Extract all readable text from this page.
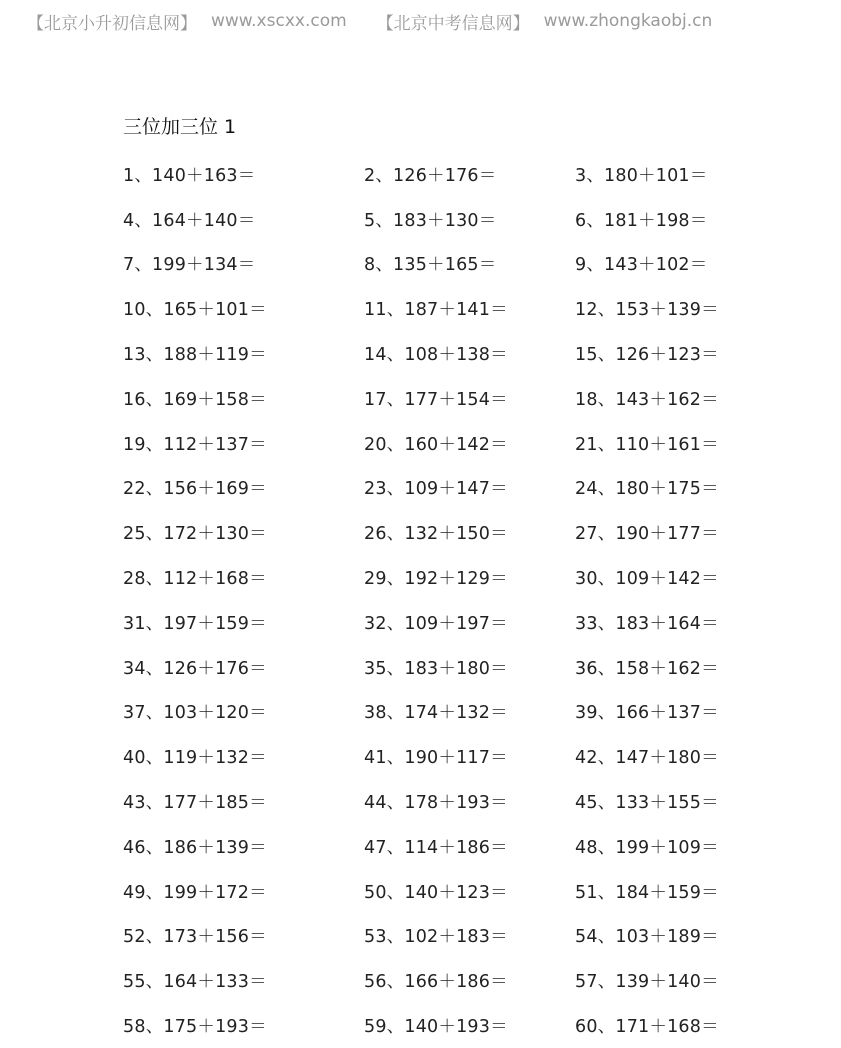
【北京小升初信息网】 www.xscxx.com 【北京中考信息网】 www.zhongkaobj.cn
三位加三位 1
1、140＋163＝	2、126＋176＝	3、180＋101＝
4、164＋140＝	5、183＋130＝	6、181＋198＝
7、199＋134＝	8、135＋165＝	9、143＋102＝
10、165＋101＝	11、187＋141＝	12、153＋139＝
13、188＋119＝	14、108＋138＝	15、126＋123＝
16、169＋158＝	17、177＋154＝	18、143＋162＝
19、112＋137＝	20、160＋142＝	21、110＋161＝
22、156＋169＝	23、109＋147＝	24、180＋175＝
25、172＋130＝	26、132＋150＝	27、190＋177＝
28、112＋168＝	29、192＋129＝	30、109＋142＝
31、197＋159＝	32、109＋197＝	33、183＋164＝
34、126＋176＝	35、183＋180＝	36、158＋162＝
37、103＋120＝	38、174＋132＝	39、166＋137＝
40、119＋132＝	41、190＋117＝	42、147＋180＝
43、177＋185＝	44、178＋193＝	45、133＋155＝
46、186＋139＝	47、114＋186＝	48、199＋109＝
49、199＋172＝	50、140＋123＝	51、184＋159＝
52、173＋156＝	53、102＋183＝	54、103＋189＝
55、164＋133＝	56、166＋186＝	57、139＋140＝
58、175＋193＝	59、140＋193＝	60、171＋168＝
